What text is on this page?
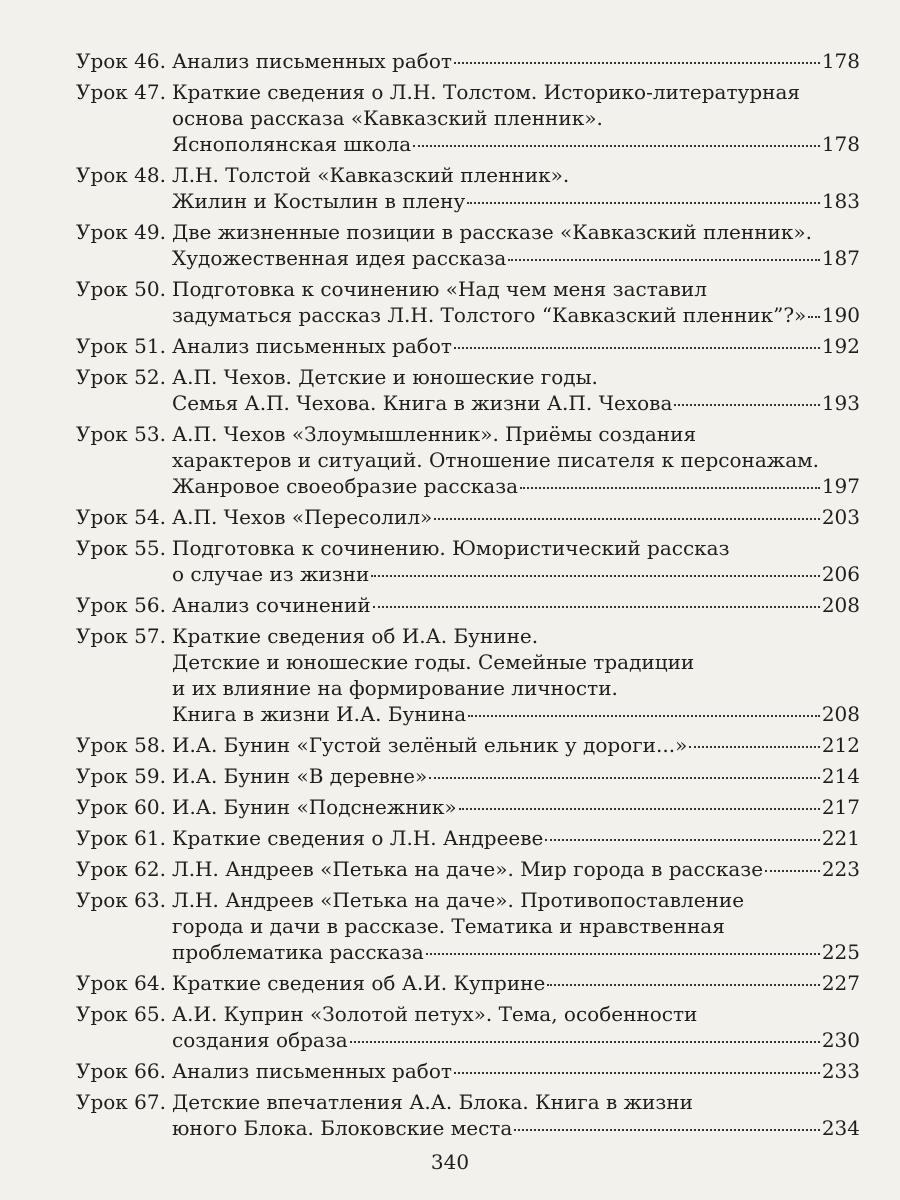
Урок 46. Анализ письменных работ	178
Урок 47. Краткие сведения о Л.Н. Толстом. Историко-литературная
основа рассказа «Кавказский пленник».
Яснополянская школа	178
Урок 48. Л.Н. Толстой «Кавказский пленник».
Жилин и Костылин в плену	183
Урок 49. Две жизненные позиции в рассказе «Кавказский пленник».
Художественная идея рассказа	187
Урок 50. Подготовка к сочинению «Над чем меня заставил
задуматься рассказ Л.Н. Толстого “Кавказский пленник”?» 190
Урок 51. Анализ письменных работ	192
Урок 52. А.П. Чехов. Детские и юношеские годы.
Семья А.П. Чехова. Книга в жизни А.П. Чехова	193
Урок 53. А.П. Чехов «Злоумышленник». Приёмы создания
характеров и ситуаций. Отношение писателя к персонажам.
Жанровое своеобразие рассказа	197
Урок 54. А.П. Чехов «Пересолил»	203
Урок 55. Подготовка к сочинению. Юмористический рассказ
о случае из жизни	206
Урок 56. Анализ сочинений	208
Урок 57. Краткие сведения об И.А. Бунине.
Детские и юношеские годы. Семейные традиции
и их влияние на формирование личности.
Книга в жизни И.А. Бунина	208
Урок 58. И.А. Бунин «Густой зелёный ельник у дороги...»	212
Урок 59. И.А. Бунин «В деревне»	214
Урок 60. И.А. Бунин «Подснежник»	217
Урок 61. Краткие сведения о Л.Н. Андрееве	221
Урок 62. Л.Н. Андреев «Петька на даче». Мир города в рассказе	223
Урок 63. Л.Н. Андреев «Петька на даче». Противопоставление
города и дачи в рассказе. Тематика и нравственная
проблематика рассказа	225
Урок 64. Краткие сведения об А.И. Куприне	227
Урок 65. А.И. Куприн «Золотой петух». Тема, особенности
создания образа	230
Урок 66. Анализ письменных работ	233
Урок 67. Детские впечатления А.А. Блока. Книга в жизни
юного Блока. Блоковские места	234
340
